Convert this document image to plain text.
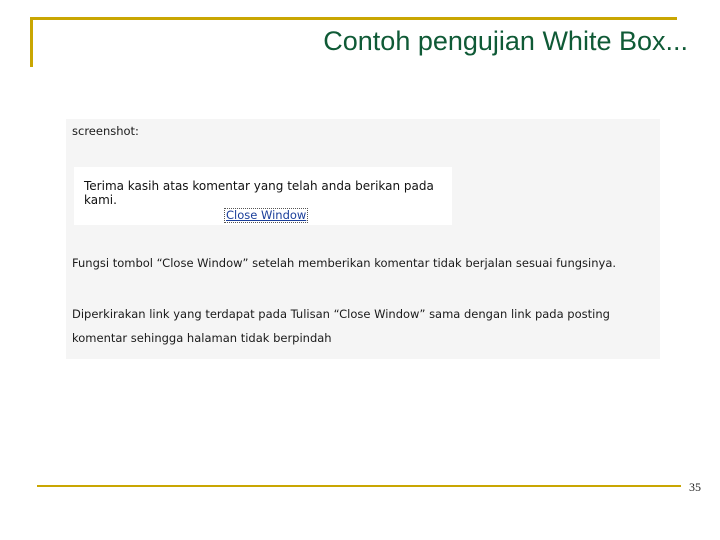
Contoh pengujian White Box...
screenshot:
Terima kasih atas komentar yang telah anda berikan pada kami.
Close Window
Fungsi tombol “Close Window” setelah memberikan komentar tidak berjalan sesuai fungsinya.
Diperkirakan link yang terdapat pada Tulisan “Close Window” sama dengan link pada posting komentar sehingga halaman tidak berpindah
35
